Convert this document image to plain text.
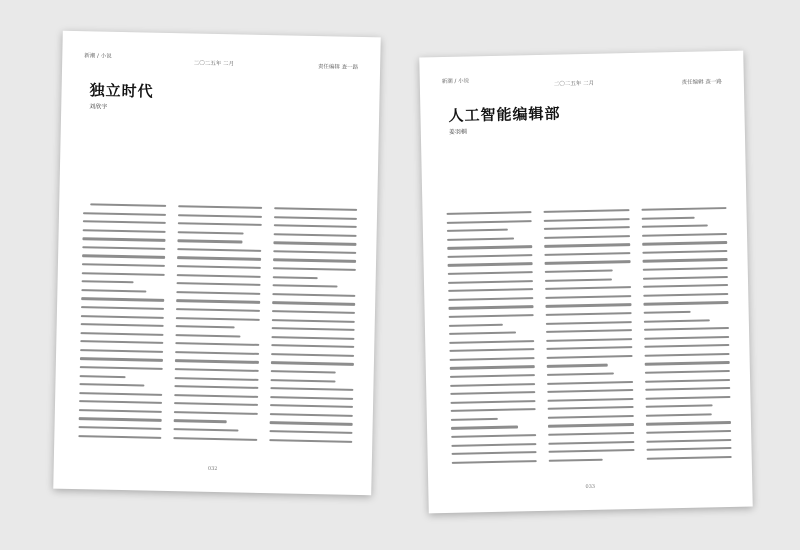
新潮 / 小说
二〇二五年 二月
责任编辑 查一路
独立时代
刘欣宇
032
新潮 / 小说	二〇二五年 二月	责任编辑 查一路
人工智能编辑部
姜羽桐
033
